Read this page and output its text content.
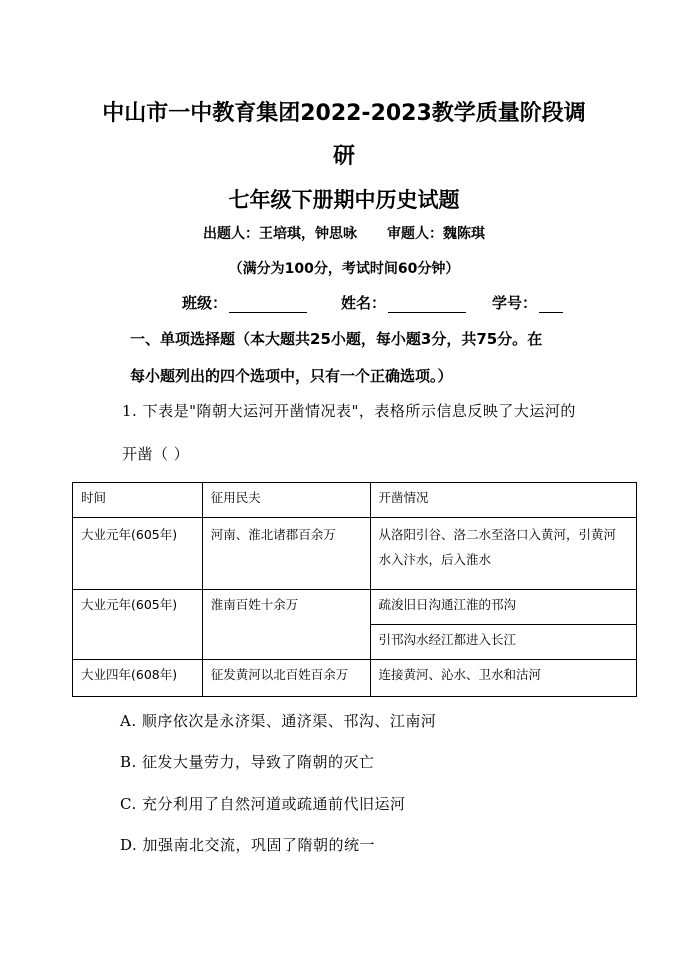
中山市一中教育集团2022-2023教学质量阶段调
研
七年级下册期中历史试题
出题人：王培琪，钟思咏 审题人：魏陈琪
（满分为100分，考试时间60分钟）
班级：	姓名：	学号：
一、单项选择题（本大题共25小题，每小题3分，共75分。在
每小题列出的四个选项中，只有一个正确选项。）
1. 下表是"隋朝大运河开凿情况表"，表格所示信息反映了大运河的
开凿（ ）
时间	征用民夫	开凿情况
大业元年(605年)	河南、淮北诸郡百余万	从洛阳引谷、洛二水至洛口入黄河，引黄河水入汴水，后入淮水
大业元年(605年)	淮南百姓十余万	疏浚旧日沟通江淮的邗沟
		引邗沟水经江都进入长江
大业四年(608年)	征发黄河以北百姓百余万	连接黄河、沁水、卫水和沽河
A. 顺序依次是永济渠、通济渠、邗沟、江南河
B. 征发大量劳力，导致了隋朝的灭亡
C. 充分利用了自然河道或疏通前代旧运河
D. 加强南北交流，巩固了隋朝的统一
